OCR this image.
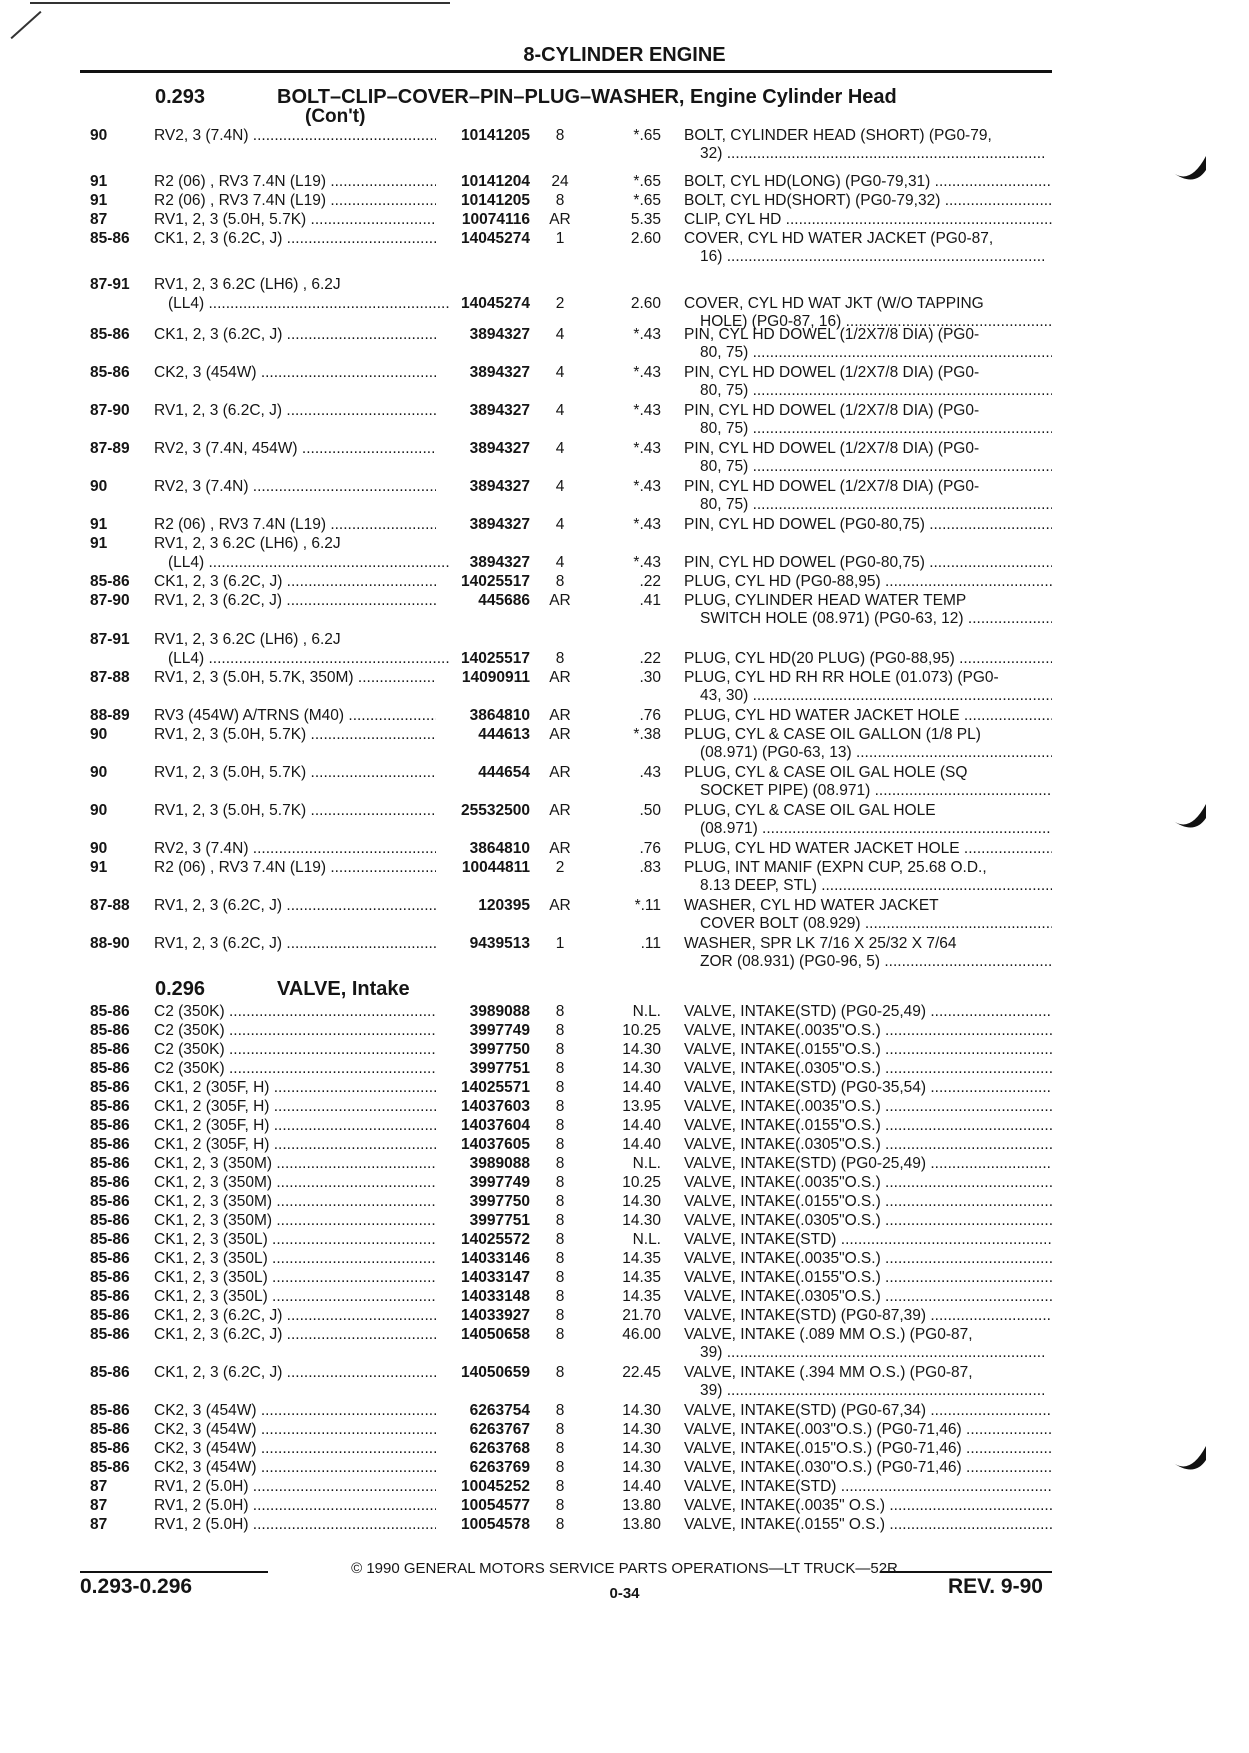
8-CYLINDER ENGINE
0.293	BOLT–CLIP–COVER–PIN–PLUG–WASHER, Engine Cylinder Head
(Con't)
0.296	VALVE, Intake
90	RV2, 3 (7.4N) .....	10141205	8	*.65 BOLT, CYLINDER HEAD (SHORT) (PG0-79,
32) .....
91	R2 (06) , RV3 7.4N (L19) .....	10141204	24	*.65 BOLT, CYL HD(LONG) (PG0-79,31) .....
91	R2 (06) , RV3 7.4N (L19) .....	10141205	8	*.65 BOLT, CYL HD(SHORT) (PG0-79,32) .....
87	RV1, 2, 3 (5.0H, 5.7K) .....	10074116	AR	5.35 CLIP, CYL HD .....
85-86	CK1, 2, 3 (6.2C, J) .....	14045274	1	2.60 COVER, CYL HD WATER JACKET (PG0-87,
16) .....
87-91	RV1, 2, 3 6.2C (LH6) , 6.2J
(LL4) .....	14045274	2	2.60 COVER, CYL HD WAT JKT (W/O TAPPING
HOLE) (PG0-87, 16) .....
85-86	CK1, 2, 3 (6.2C, J) .....	3894327	4	*.43 PIN, CYL HD DOWEL (1/2X7/8 DIA) (PG0-
80, 75) .....
85-86	CK2, 3 (454W) .....	3894327	4	*.43 PIN, CYL HD DOWEL (1/2X7/8 DIA) (PG0-
80, 75) .....
87-90	RV1, 2, 3 (6.2C, J) .....	3894327	4	*.43 PIN, CYL HD DOWEL (1/2X7/8 DIA) (PG0-
80, 75) .....
87-89	RV2, 3 (7.4N, 454W) .....	3894327	4	*.43 PIN, CYL HD DOWEL (1/2X7/8 DIA) (PG0-
80, 75) .....
90	RV2, 3 (7.4N) .....	3894327	4	*.43 PIN, CYL HD DOWEL (1/2X7/8 DIA) (PG0-
80, 75) .....
91	R2 (06) , RV3 7.4N (L19) .....	3894327	4	*.43 PIN, CYL HD DOWEL (PG0-80,75) .....
91	RV1, 2, 3 6.2C (LH6) , 6.2J
(LL4) .....	3894327	4	*.43 PIN, CYL HD DOWEL (PG0-80,75) .....
85-86	CK1, 2, 3 (6.2C, J) .....	14025517	8	.22 PLUG, CYL HD (PG0-88,95) .....
87-90	RV1, 2, 3 (6.2C, J) .....	445686	AR	.41 PLUG, CYLINDER HEAD WATER TEMP
SWITCH HOLE (08.971) (PG0-63, 12) .....
87-91	RV1, 2, 3 6.2C (LH6) , 6.2J
(LL4) .....	14025517	8	.22 PLUG, CYL HD(20 PLUG) (PG0-88,95) .....
87-88	RV1, 2, 3 (5.0H, 5.7K, 350M) .....	14090911	AR	.30 PLUG, CYL HD RH RR HOLE (01.073) (PG0-
43, 30) .....
88-89	RV3 (454W) A/TRNS (M40) .....	3864810	AR	.76 PLUG, CYL HD WATER JACKET HOLE .....
90	RV1, 2, 3 (5.0H, 5.7K) .....	444613	AR	*.38 PLUG, CYL & CASE OIL GALLON (1/8 PL)
(08.971) (PG0-63, 13) .....
90	RV1, 2, 3 (5.0H, 5.7K) .....	444654	AR	.43 PLUG, CYL & CASE OIL GAL HOLE (SQ
SOCKET PIPE) (08.971) .....
90	RV1, 2, 3 (5.0H, 5.7K) .....	25532500	AR	.50 PLUG, CYL & CASE OIL GAL HOLE
(08.971) .....
90	RV2, 3 (7.4N) .....	3864810	AR	.76 PLUG, CYL HD WATER JACKET HOLE .....
91	R2 (06) , RV3 7.4N (L19) .....	10044811	2	.83 PLUG, INT MANIF (EXPN CUP, 25.68 O.D.,
8.13 DEEP, STL) .....
87-88	RV1, 2, 3 (6.2C, J) .....	120395	AR	*.11 WASHER, CYL HD WATER JACKET
COVER BOLT (08.929) .....
88-90	RV1, 2, 3 (6.2C, J) .....	9439513	1	.11 WASHER, SPR LK 7/16 X 25/32 X 7/64
ZOR (08.931) (PG0-96, 5) .....
85-86	C2 (350K) .....	3989088	8	N.L. VALVE, INTAKE(STD) (PG0-25,49) .....
85-86	C2 (350K) .....	3997749	8	10.25 VALVE, INTAKE(.0035"O.S.) .....
85-86	C2 (350K) .....	3997750	8	14.30 VALVE, INTAKE(.0155"O.S.) .....
85-86	C2 (350K) .....	3997751	8	14.30 VALVE, INTAKE(.0305"O.S.) .....
85-86	CK1, 2 (305F, H) .....	14025571	8	14.40 VALVE, INTAKE(STD) (PG0-35,54) .....
85-86	CK1, 2 (305F, H) .....	14037603	8	13.95 VALVE, INTAKE(.0035"O.S.) .....
85-86	CK1, 2 (305F, H) .....	14037604	8	14.40 VALVE, INTAKE(.0155"O.S.) .....
85-86	CK1, 2 (305F, H) .....	14037605	8	14.40 VALVE, INTAKE(.0305"O.S.) .....
85-86	CK1, 2, 3 (350M) .....	3989088	8	N.L. VALVE, INTAKE(STD) (PG0-25,49) .....
85-86	CK1, 2, 3 (350M) .....	3997749	8	10.25 VALVE, INTAKE(.0035"O.S.) .....
85-86	CK1, 2, 3 (350M) .....	3997750	8	14.30 VALVE, INTAKE(.0155"O.S.) .....
85-86	CK1, 2, 3 (350M) .....	3997751	8	14.30 VALVE, INTAKE(.0305"O.S.) .....
85-86	CK1, 2, 3 (350L) .....	14025572	8	N.L. VALVE, INTAKE(STD) .....
85-86	CK1, 2, 3 (350L) .....	14033146	8	14.35 VALVE, INTAKE(.0035"O.S.) .....
85-86	CK1, 2, 3 (350L) .....	14033147	8	14.35 VALVE, INTAKE(.0155"O.S.) .....
85-86	CK1, 2, 3 (350L) .....	14033148	8	14.35 VALVE, INTAKE(.0305"O.S.) .....
85-86	CK1, 2, 3 (6.2C, J) .....	14033927	8	21.70 VALVE, INTAKE(STD) (PG0-87,39) .....
85-86	CK1, 2, 3 (6.2C, J) .....	14050658	8	46.00 VALVE, INTAKE (.089 MM O.S.) (PG0-87,
39) .....
85-86	CK1, 2, 3 (6.2C, J) .....	14050659	8	22.45 VALVE, INTAKE (.394 MM O.S.) (PG0-87,
39) .....
85-86	CK2, 3 (454W) .....	6263754	8	14.30 VALVE, INTAKE(STD) (PG0-67,34) .....
85-86	CK2, 3 (454W) .....	6263767	8	14.30 VALVE, INTAKE(.003"O.S.) (PG0-71,46) .....
85-86	CK2, 3 (454W) .....	6263768	8	14.30 VALVE, INTAKE(.015"O.S.) (PG0-71,46) .....
85-86	CK2, 3 (454W) .....	6263769	8	14.30 VALVE, INTAKE(.030"O.S.) (PG0-71,46) .....
87	RV1, 2 (5.0H) .....	10045252	8	14.40 VALVE, INTAKE(STD) .....
87	RV1, 2 (5.0H) .....	10054577	8	13.80 VALVE, INTAKE(.0035" O.S.) .....
87	RV1, 2 (5.0H) .....	10054578	8	13.80 VALVE, INTAKE(.0155" O.S.) .....
© 1990 GENERAL MOTORS SERVICE PARTS OPERATIONS—LT TRUCK—52R
0.293-0.296	0-34	REV. 9-90
